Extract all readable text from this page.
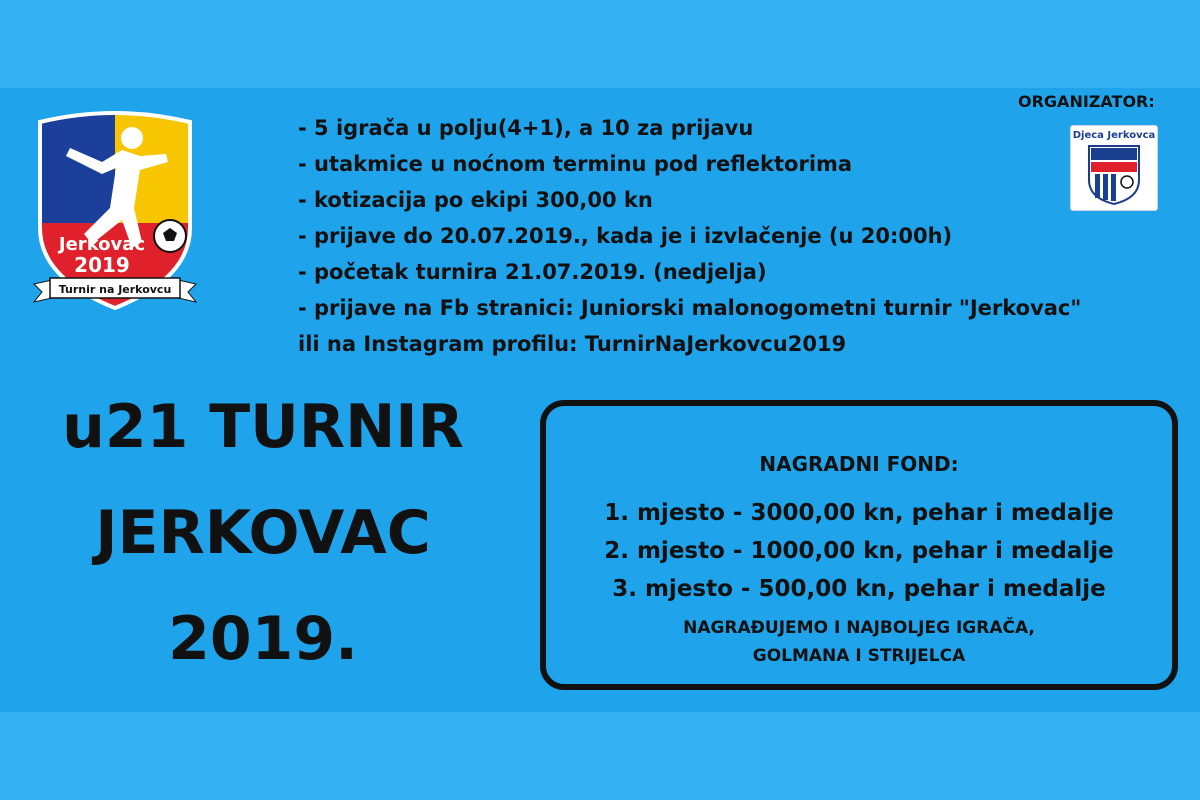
Jerkovac
2019
Turnir na Jerkovcu
- 5 igrača u polju(4+1), a 10 za prijavu
- utakmice u noćnom terminu pod reflektorima
- kotizacija po ekipi 300,00 kn
- prijave do 20.07.2019., kada je i izvlačenje (u 20:00h)
- početak turnira 21.07.2019. (nedjelja)
- prijave na Fb stranici: Juniorski malonogometni turnir "Jerkovac"
ili na Instagram profilu: TurnirNaJerkovcu2019
ORGANIZATOR:
Djeca Jerkovca
u21 TURNIR
JERKOVAC
2019.
NAGRADNI FOND:
1. mjesto - 3000,00 kn, pehar i medalje
2. mjesto - 1000,00 kn, pehar i medalje
3. mjesto - 500,00 kn, pehar i medalje
NAGRAĐUJEMO I NAJBOLJEG IGRAČA,
GOLMANA I STRIJELCA
